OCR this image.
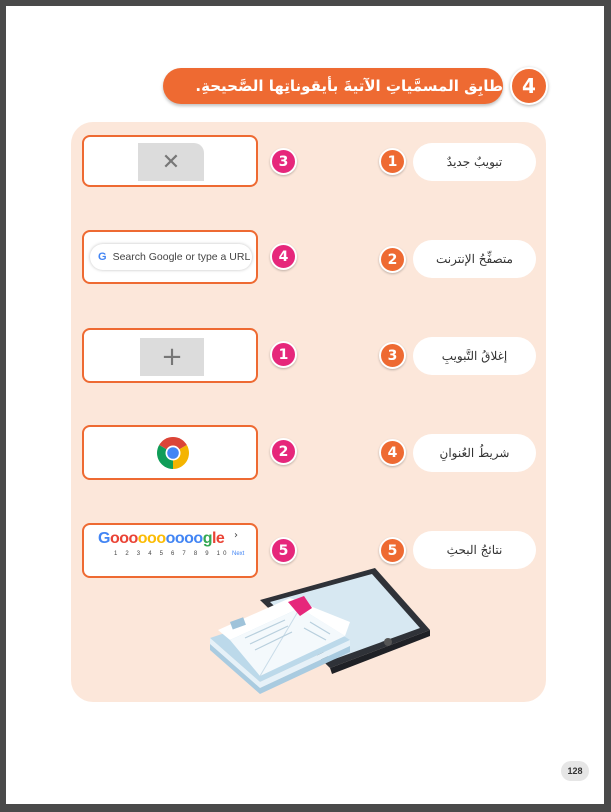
طابِق المسمَّياتِ الآتيةَ بأيقوناتِها الصَّحيحةِ. 4
✕	3	1	تبويبٌ جديدٌ
G Search Google or type a URL	4	2	متصفِّحُ الإنترنت
+	1	3	إغلاقُ التَّبويبِ
2	4	شريطُ العُنوانِ
Goooooooooogle
1 2 3 4 5 6 7 8 9 10
›
Next	5	5	نتائجُ البحثِ
128
